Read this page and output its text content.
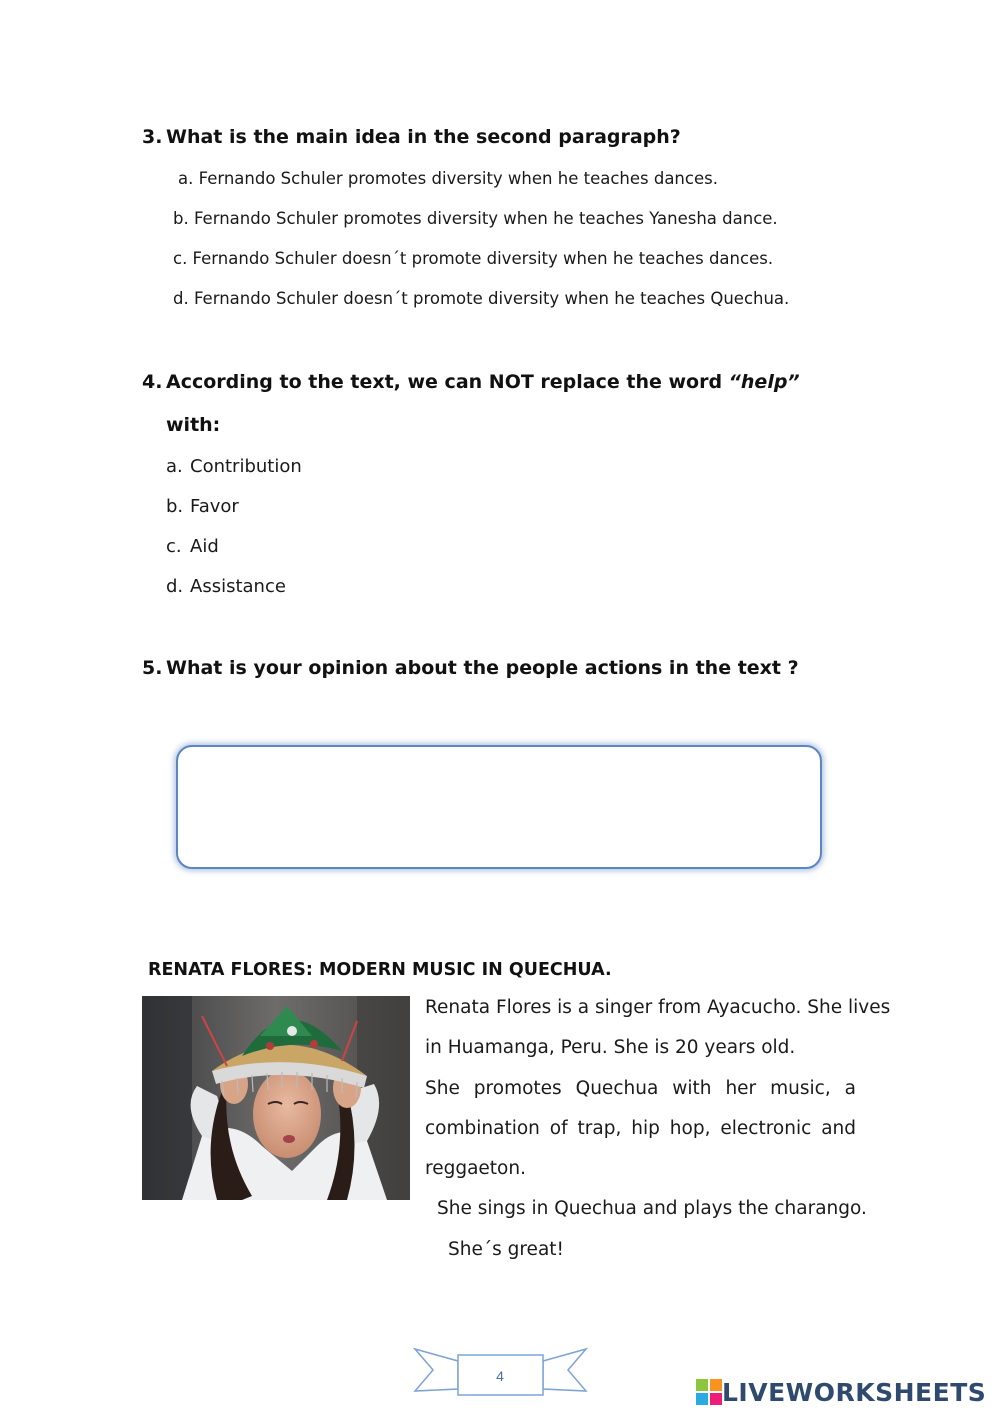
3. What is the main idea in the second paragraph?
a. Fernando Schuler promotes diversity when he teaches dances.
b. Fernando Schuler promotes diversity when he teaches Yanesha dance.
c. Fernando Schuler doesn´t promote diversity when he teaches dances.
d. Fernando Schuler doesn´t promote diversity when he teaches Quechua.
4. According to the text, we can NOT replace the word “help”
with:
a. Contribution
b. Favor
c. Aid
d. Assistance
5. What is your opinion about the people actions in the text ?
RENATA FLORES: MODERN MUSIC IN QUECHUA.
Renata Flores is a singer from Ayacucho. She lives
in Huamanga, Peru. She is 20 years old.
She promotes Quechua with her music, a
combination of trap, hip hop, electronic and
reggaeton.
She sings in Quechua and plays the charango.
She´s great!
4
LIVEWORKSHEETS
